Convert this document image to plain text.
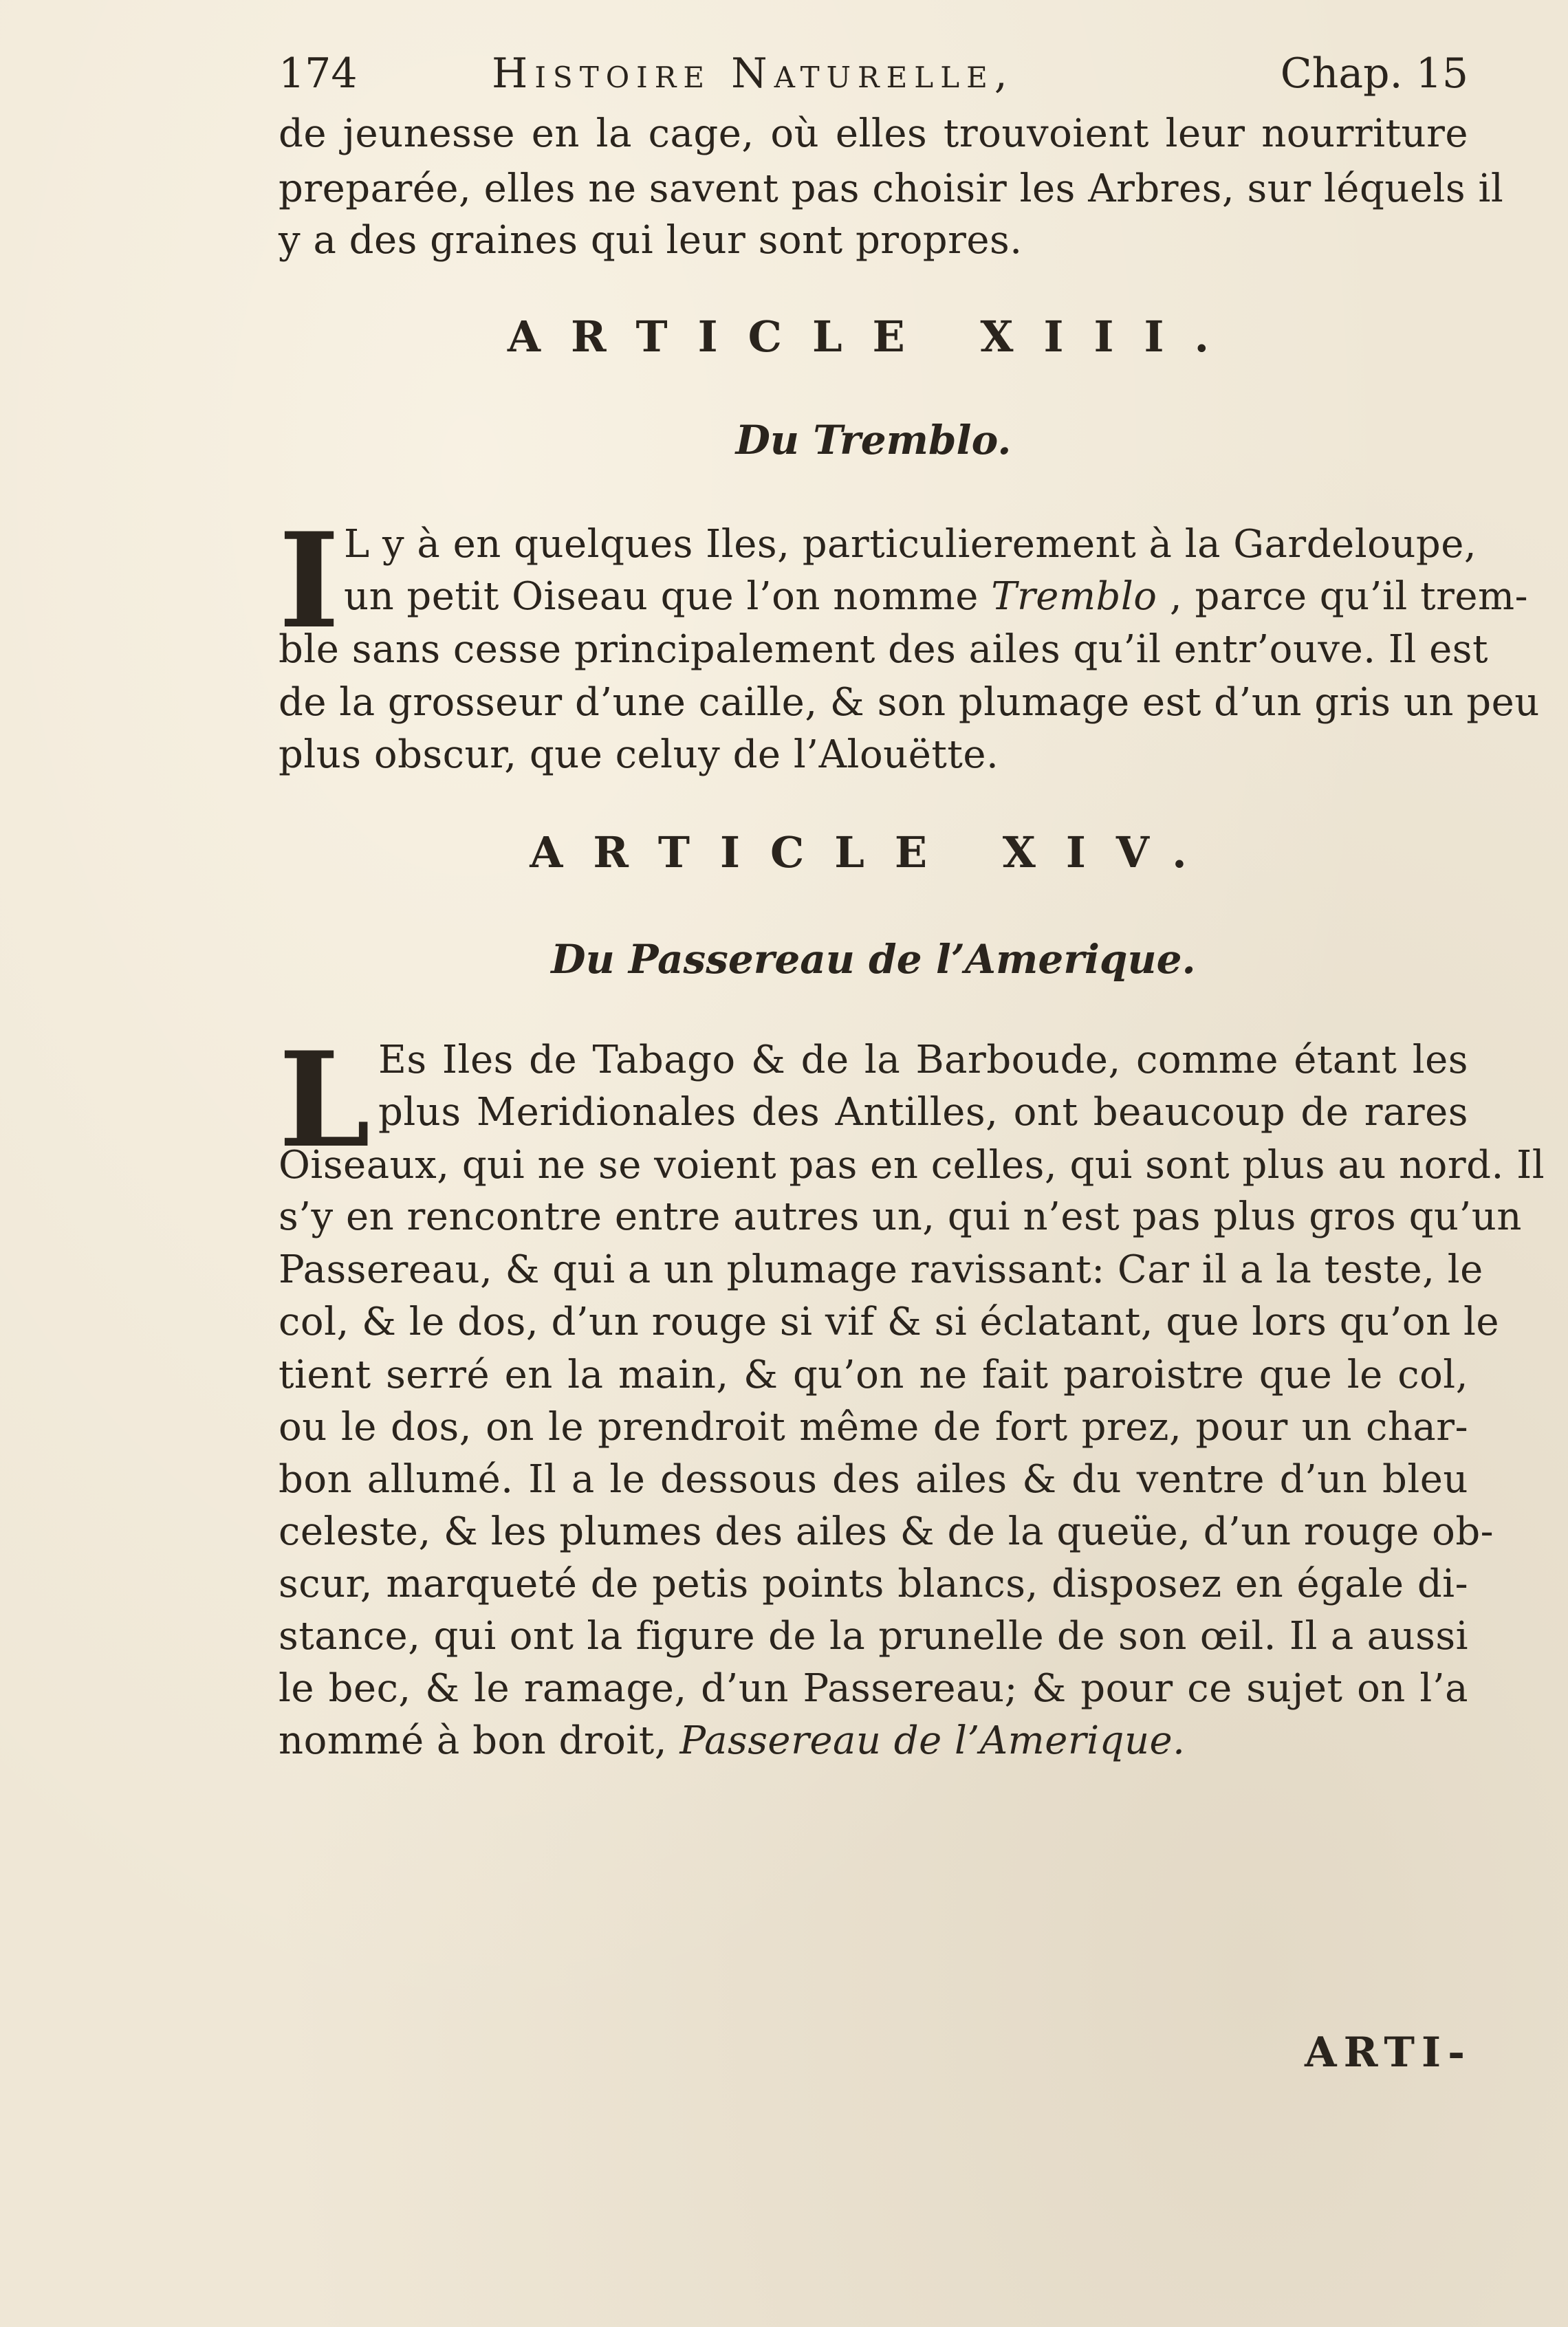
174	Histoire Naturelle,	Chap. 15
de jeunesse en la cage, où elles trouvoient leur nourriture
preparée, elles ne savent pas choisir les Arbres, sur léquels il
y a des graines qui leur sont propres.
ARTICLE XIII.
Du Tremblo.
I L y à en quelques Iles, particulierement à la Gardeloupe,
un petit Oiseau que l’on nomme Tremblo , parce qu’il trem-
ble sans cesse principalement des ailes qu’il entr’ouve. Il est
de la grosseur d’une caille, & son plumage est d’un gris un peu
plus obscur, que celuy de l’Alouëtte.
ARTICLE XIV.
Du Passereau de l’Amerique.
L Es Iles de Tabago & de la Barboude, comme étant les
plus Meridionales des Antilles, ont beaucoup de rares
Oiseaux, qui ne se voient pas en celles, qui sont plus au nord. Il
s’y en rencontre entre autres un, qui n’est pas plus gros qu’un
Passereau, & qui a un plumage ravissant: Car il a la teste, le
col, & le dos, d’un rouge si vif & si éclatant, que lors qu’on le
tient serré en la main, & qu’on ne fait paroistre que le col,
ou le dos, on le prendroit même de fort prez, pour un char-
bon allumé. Il a le dessous des ailes & du ventre d’un bleu
celeste, & les plumes des ailes & de la queüe, d’un rouge ob-
scur, marqueté de petis points blancs, disposez en égale di-
stance, qui ont la figure de la prunelle de son œil. Il a aussi
le bec, & le ramage, d’un Passereau; & pour ce sujet on l’a
nommé à bon droit, Passereau de l’Amerique.
ARTI-
